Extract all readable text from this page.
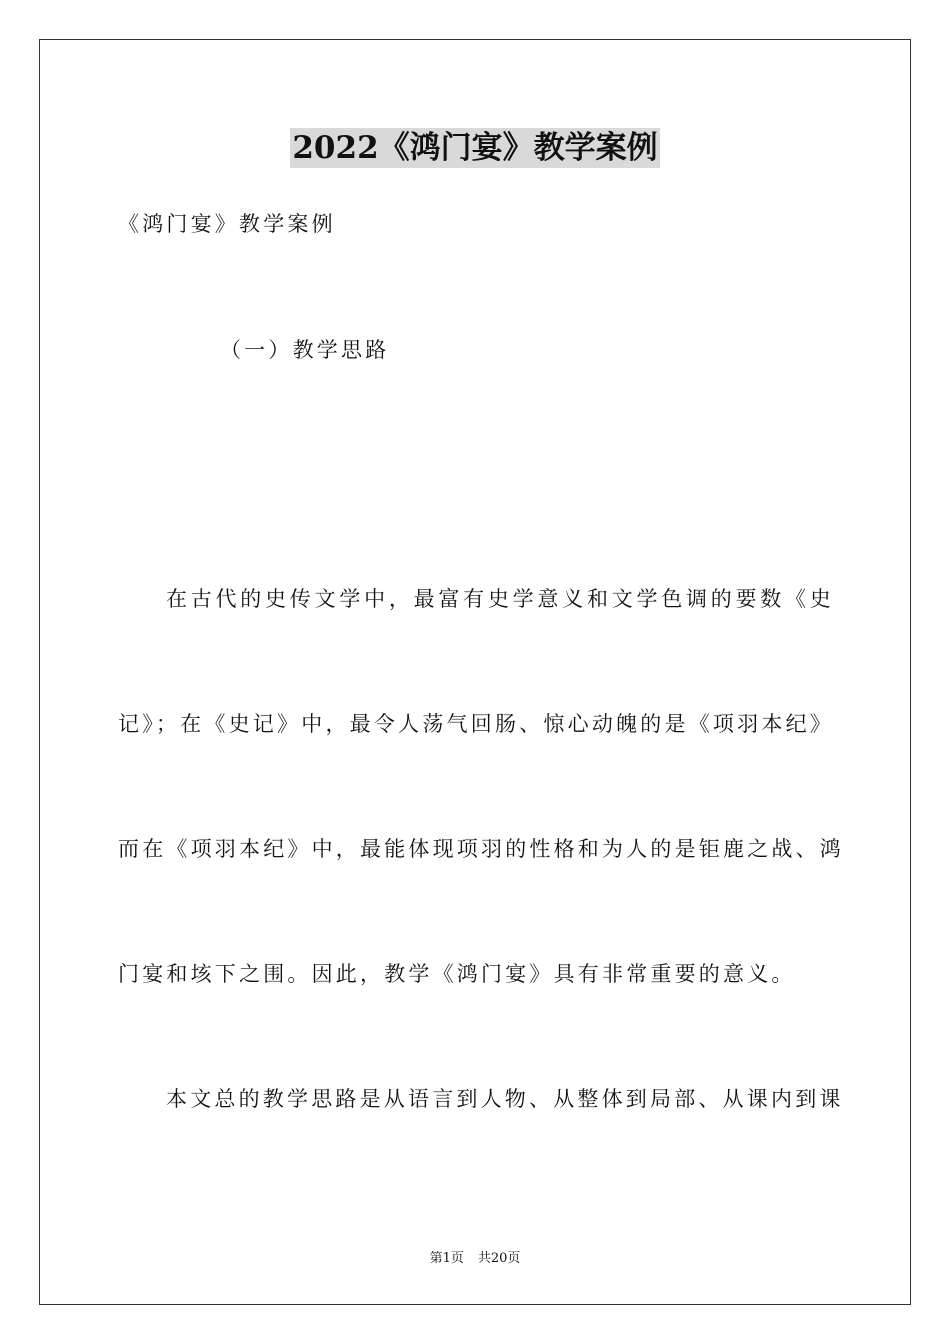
2022《鸿门宴》教学案例
《鸿门宴》教学案例
（一）教学思路
在古代的史传文学中，最富有史学意义和文学色调的要数《史
记》；在《史记》中，最令人荡气回肠、惊心动魄的是《项羽本纪》
而在《项羽本纪》中，最能体现项羽的性格和为人的是钜鹿之战、鸿
门宴和垓下之围。因此，教学《鸿门宴》具有非常重要的意义。
本文总的教学思路是从语言到人物、从整体到局部、从课内到课
第1页 共20页
